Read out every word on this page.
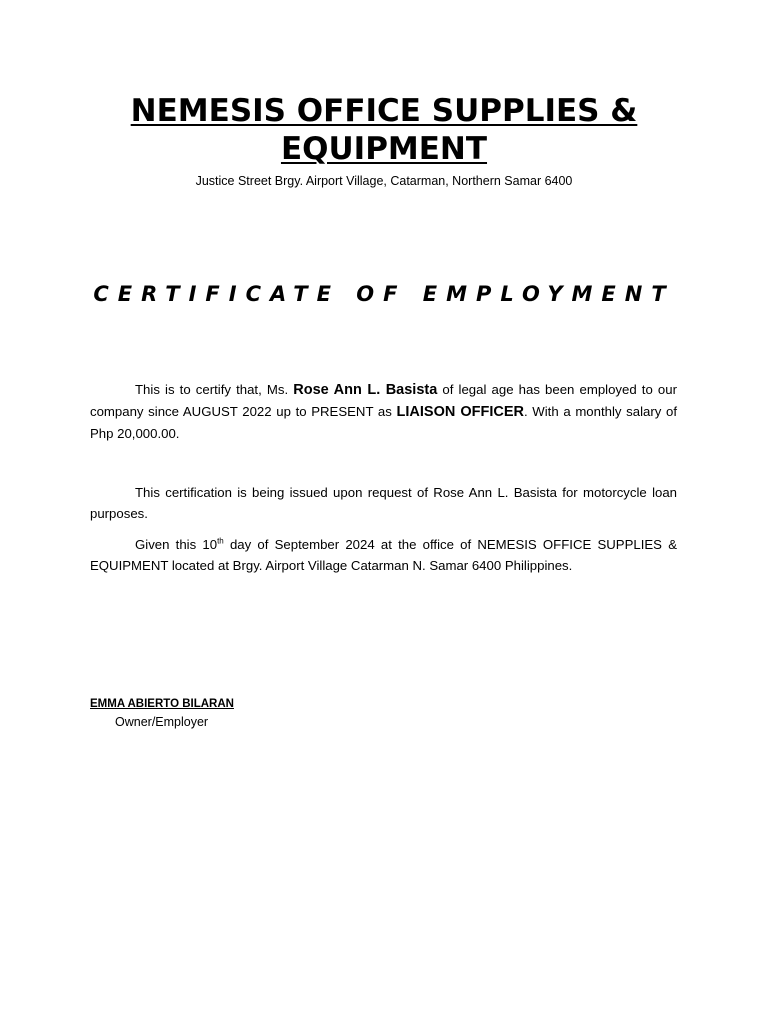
NEMESIS OFFICE SUPPLIES &
EQUIPMENT

Justice Street Brgy. Airport Village, Catarman, Northern Samar 6400

CERTIFICATE OF EMPLOYMENT

This is to certify that, Ms. Rose Ann L. Basista of legal age has been employed to our company since AUGUST 2022 up to PRESENT as LIAISON OFFICER. With a monthly salary of Php 20,000.00.

This certification is being issued upon request of Rose Ann L. Basista for motorcycle loan purposes.

Given this 10th day of September 2024 at the office of NEMESIS OFFICE SUPPLIES & EQUIPMENT located at Brgy. Airport Village Catarman N. Samar 6400 Philippines.

EMMA ABIERTO BILARAN

Owner/Employer
